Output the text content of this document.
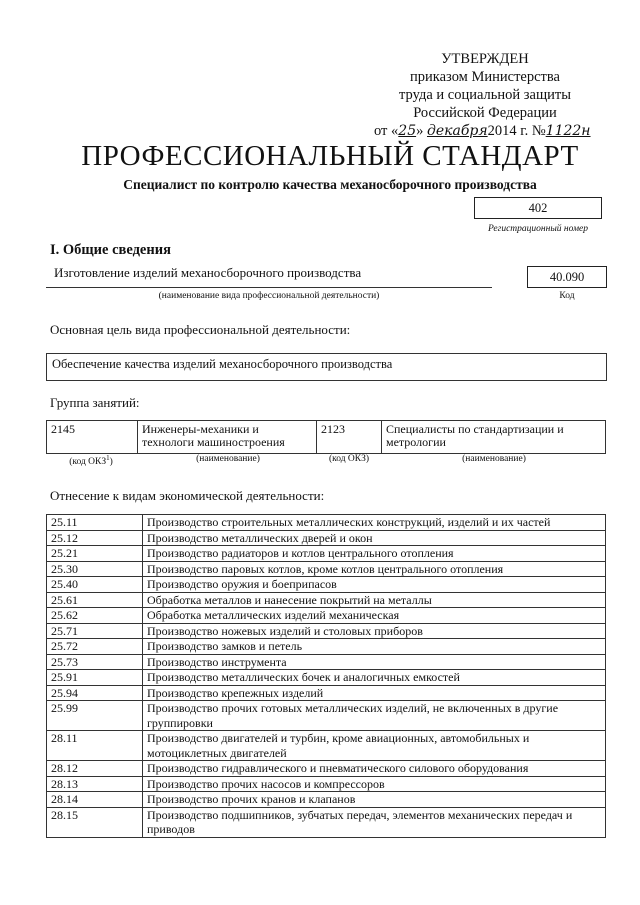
УТВЕРЖДЕН
приказом Министерства
труда и социальной защиты
Российской Федерации
от «25» декабря2014 г. №1122н
ПРОФЕССИОНАЛЬНЫЙ СТАНДАРТ
Специалист по контролю качества механосборочного производства
402
Регистрационный номер
I. Общие сведения
Изготовление изделий механосборочного производства
(наименование вида профессиональной деятельности)
40.090
Код
Основная цель вида профессиональной деятельности:
Обеспечение качества изделий механосборочного производства
Группа занятий:
2145	Инженеры-механики и технологи машиностроения	2123	Специалисты по стандартизации и метрологии
(код ОКЗ$^1$)	(наименование)	(код ОКЗ)	(наименование)
Отнесение к видам экономической деятельности:
25.11	Производство строительных металлических конструкций, изделий и их частей
25.12	Производство металлических дверей и окон
25.21	Производство радиаторов и котлов центрального отопления
25.30	Производство паровых котлов, кроме котлов центрального отопления
25.40	Производство оружия и боеприпасов
25.61	Обработка металлов и нанесение покрытий на металлы
25.62	Обработка металлических изделий механическая
25.71	Производство ножевых изделий и столовых приборов
25.72	Производство замков и петель
25.73	Производство инструмента
25.91	Производство металлических бочек и аналогичных емкостей
25.94	Производство крепежных изделий
25.99	Производство прочих готовых металлических изделий, не включенных в другие группировки
28.11	Производство двигателей и турбин, кроме авиационных, автомобильных и мотоциклетных двигателей
28.12	Производство гидравлического и пневматического силового оборудования
28.13	Производство прочих насосов и компрессоров
28.14	Производство прочих кранов и клапанов
28.15	Производство подшипников, зубчатых передач, элементов механических передач и приводов
